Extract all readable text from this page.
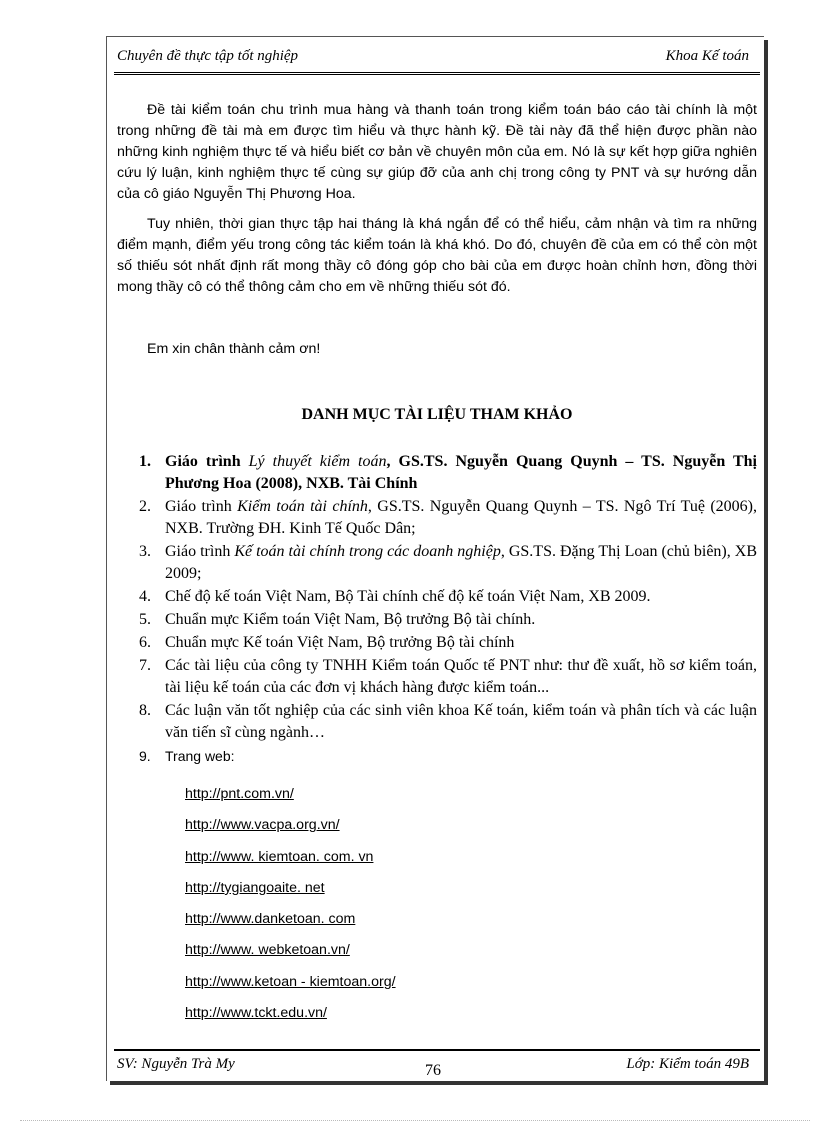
Chuyên đề thực tập tốt nghiệp	Khoa Kế toán

Đề tài kiểm toán chu trình mua hàng và thanh toán trong kiểm toán báo cáo tài chính là một trong những đề tài mà em được tìm hiểu và thực hành kỹ. Đề tài này đã thể hiện được phần nào những kinh nghiệm thực tế và hiểu biết cơ bản về chuyên môn của em. Nó là sự kết hợp giữa nghiên cứu lý luận, kinh nghiệm thực tế cùng sự giúp đỡ của anh chị trong công ty PNT và sự hướng dẫn của cô giáo Nguyễn Thị Phương Hoa.

Tuy nhiên, thời gian thực tập hai tháng là khá ngắn để có thể hiểu, cảm nhận và tìm ra những điểm mạnh, điểm yếu trong công tác kiểm toán là khá khó. Do đó, chuyên đề của em có thể còn một số thiếu sót nhất định rất mong thầy cô đóng góp cho bài của em được hoàn chỉnh hơn, đồng thời mong thầy cô có thể thông cảm cho em về những thiếu sót đó.

Em xin chân thành cảm ơn!

DANH MỤC TÀI LIỆU THAM KHẢO
1. Giáo trình Lý thuyết kiểm toán, GS.TS. Nguyễn Quang Quynh – TS. Nguyễn Thị Phương Hoa (2008), NXB. Tài Chính
2. Giáo trình Kiểm toán tài chính, GS.TS. Nguyễn Quang Quynh – TS. Ngô Trí Tuệ (2006), NXB. Trường ĐH. Kinh Tế Quốc Dân;
3. Giáo trình Kế toán tài chính trong các doanh nghiệp, GS.TS. Đặng Thị Loan (chủ biên), XB 2009;
4. Chế độ kế toán Việt Nam, Bộ Tài chính chế độ kế toán Việt Nam, XB 2009.
5. Chuẩn mực Kiểm toán Việt Nam, Bộ trưởng Bộ tài chính.
6. Chuẩn mực Kế toán Việt Nam, Bộ trưởng Bộ tài chính
7. Các tài liệu của công ty TNHH Kiểm toán Quốc tế PNT như: thư đề xuất, hồ sơ kiểm toán, tài liệu kế toán của các đơn vị khách hàng được kiểm toán...
8. Các luận văn tốt nghiệp của các sinh viên khoa Kế toán, kiểm toán và phân tích và các luận văn tiến sĩ cùng ngành…
9. Trang web:
http://pnt.com.vn/
http://www.vacpa.org.vn/
http://www. kiemtoan. com. vn
http://tygiangoaite. net
http://www.danketoan. com
http://www. webketoan.vn/
http://www.ketoan - kiemtoan.org/
http://www.tckt.edu.vn/
SV: Nguyễn Trà My	76	Lớp: Kiểm toán 49B
